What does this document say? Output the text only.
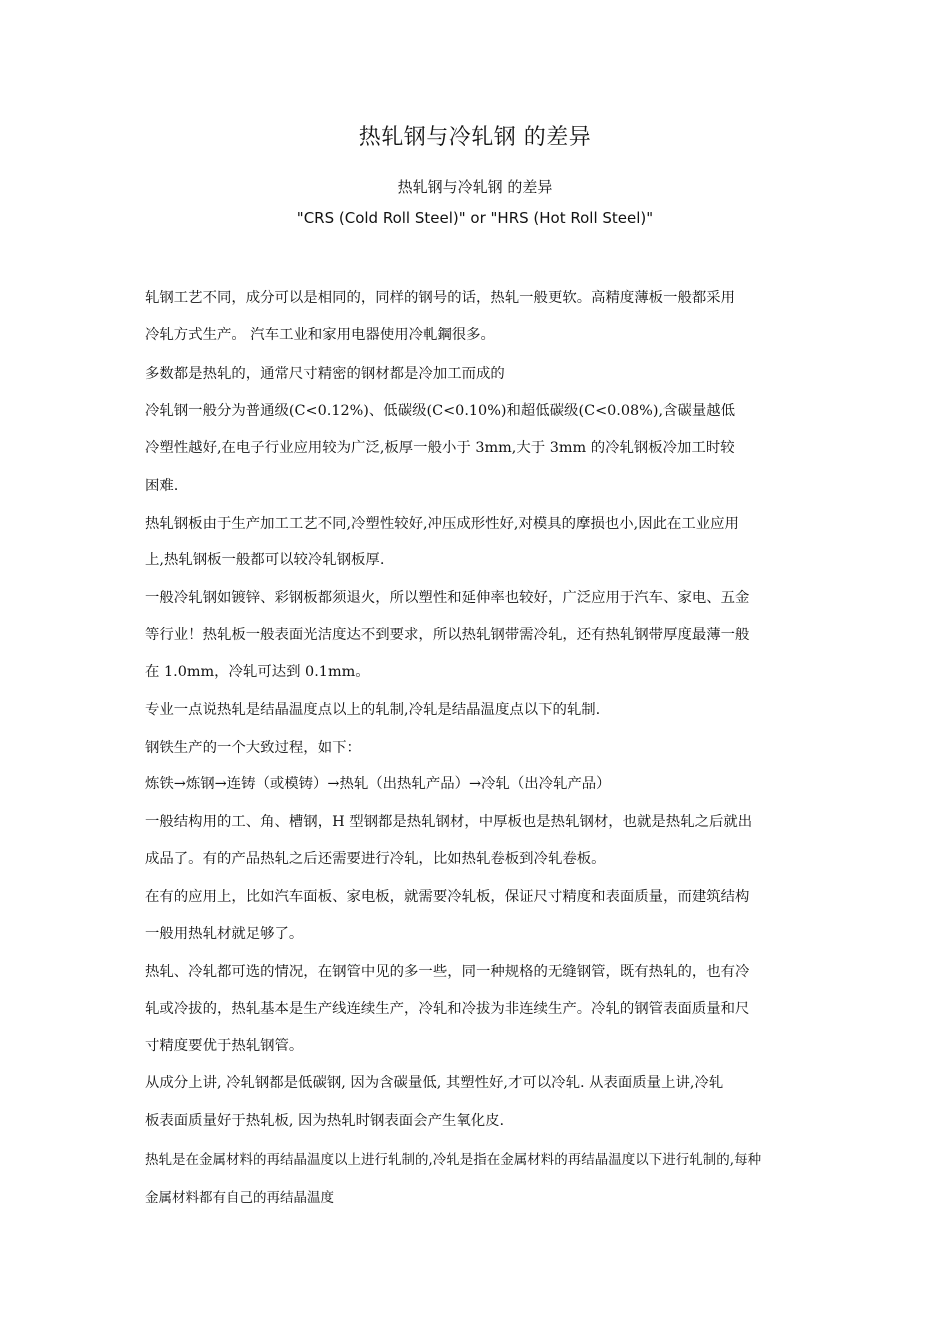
热轧钢与冷轧钢 的差异
热轧钢与冷轧钢 的差异
"CRS (Cold Roll Steel)" or "HRS (Hot Roll Steel)"
轧钢工艺不同，成分可以是相同的，同样的钢号的话，热轧一般更软。高精度薄板一般都采用
冷轧方式生产。 汽车工业和家用电器使用冷軋鋼很多。
多数都是热轧的，通常尺寸精密的钢材都是冷加工而成的
冷轧钢一般分为普通级(C<0.12%)、低碳级(C<0.10%)和超低碳级(C<0.08%),含碳量越低
冷塑性越好,在电子行业应用较为广泛,板厚一般小于 3mm,大于 3mm 的冷轧钢板冷加工时较
困难.
热轧钢板由于生产加工工艺不同,冷塑性较好,冲压成形性好,对模具的摩损也小,因此在工业应用
上,热轧钢板一般都可以较冷轧钢板厚.
一般冷轧钢如镀锌、彩钢板都须退火，所以塑性和延伸率也较好，广泛应用于汽车、家电、五金
等行业！热轧板一般表面光洁度达不到要求，所以热轧钢带需冷轧，还有热轧钢带厚度最薄一般
在 1.0mm，冷轧可达到 0.1mm。
专业一点说热轧是结晶温度点以上的轧制,冷轧是结晶温度点以下的轧制.
钢铁生产的一个大致过程，如下：
炼铁→炼钢→连铸（或模铸）→热轧（出热轧产品）→冷轧（出冷轧产品）
一般结构用的工、角、槽钢，H 型钢都是热轧钢材，中厚板也是热轧钢材，也就是热轧之后就出
成品了。有的产品热轧之后还需要进行冷轧，比如热轧卷板到冷轧卷板。
在有的应用上，比如汽车面板、家电板，就需要冷轧板，保证尺寸精度和表面质量，而建筑结构
一般用热轧材就足够了。
热轧、冷轧都可选的情况，在钢管中见的多一些，同一种规格的无缝钢管，既有热轧的，也有冷
轧或冷拔的，热轧基本是生产线连续生产，冷轧和冷拔为非连续生产。冷轧的钢管表面质量和尺
寸精度要优于热轧钢管。
从成分上讲, 冷轧钢都是低碳钢, 因为含碳量低, 其塑性好,才可以冷轧. 从表面质量上讲,冷轧
板表面质量好于热轧板, 因为热轧时钢表面会产生氧化皮.
热轧是在金属材料的再结晶温度以上进行轧制的,冷轧是指在金属材料的再结晶温度以下进行轧制的,每种
金属材料都有自己的再结晶温度
